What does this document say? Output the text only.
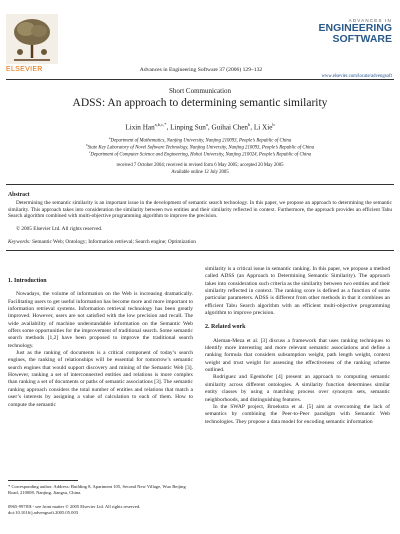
ELSEVIER	Advances in Engineering Software 37 (2006) 129–132
ADVANCES IN
ENGINEERING
SOFTWARE
www.elsevier.com/locate/advengsoft
Short Communication
ADSS: An approach to determining semantic similarity
Lixin Han$^{a,b,c,*}$, Linping Sun$^a$, Guihai Chen$^b$, Li Xie$^b$
$^a$Department of Mathematics, Nanjing University, Nanjing 210093, People’s Republic of China
$^b$State Key Laboratory of Novel Software Technology, Nanjing University, Nanjing 210093, People’s Republic of China
$^c$Department of Computer Science and Engineering, Hohai University, Nanjing 210024, People’s Republic of China
received 7 October 2004; received in revised form 6 May 2005; accepted 20 May 2005
Available online 12 July 2005
Abstract
Determining the semantic similarity is an important issue in the development of semantic search technology. In this paper, we propose an approach to determining the semantic similarity. This approach takes into consideration the similarity between two entities and their similarity reflected in context. Furthermore, the approach provides an efficient Tabu Search algorithm combined with multi-objective programming algorithm to improve the precision.
© 2005 Elsevier Ltd. All rights reserved.
Keywords: Semantic Web; Ontology; Information retrieval; Search engine; Optimization
1. Introduction

Nowadays, the volume of information on the Web is increasing dramatically. Facilitating users to get useful information has become more and more important to information retrieval systems. Information retrieval technology has been greatly improved. However, users are not satisfied with the low precision and recall. The wide availability of machine understandable information on the Semantic Web offers some opportunities for the improvement of traditional search. Some semantic search methods [1,2] have been proposed to improve the traditional search technology.

Just as the ranking of documents is a critical component of today’s search engines, the ranking of relationships will be essential for tomorrow’s semantic search engines that would support discovery and mining of the Semantic Web [3]. However, ranking a set of interconnected entities and relations is more complex than ranking a set of documents or paths of semantic associations [3]. The semantic ranking approach considers the total number of entities and relations that match a user’s interests by assigning a value of calculation to each of them. How to compute the semantic

similarity is a critical issue in semantic ranking. In this paper, we propose a method called ADSS (an Approach to Determining Semantic Similarity). The approach takes into consideration such criteria as the similarity between two entities and their similarity reflected in context. The ranking score is defined as a function of some particular parameters. ADSS is different from other methods in that it combines an efficient Tabu Search algorithm with an efficient multi-objective programming algorithm to improve precision.

2. Related work

Aleman-Meza et al. [3] discuss a framework that uses ranking techniques to identify more interesting and more relevant semantic associations and define a ranking formula that considers subsumption weight, path length weight, context weight and trust weight for assessing the effectiveness of the ranking scheme outlined.

Rodriguez and Egenhofer [4] present an approach to computing semantic similarity across different ontologies. A similarity function determines similar entity classes by using a matching process over synonym sets, semantic neighborhoods, and distinguishing features.

In the SWAP project, Broekstra et al. [5] aim at overcoming the lack of semantics by combining the Peer-to-Peer paradigm with Semantic Web technologies. They propose a data model for encoding semantic information

* Corresponding author. Address: Building 8, Apartment 105, Second New Village, Wuo Beijing Road, 210008, Nanjing, Jiangsu, China.
0965-9978/$ - see front matter © 2005 Elsevier Ltd. All rights reserved.
doi:10.1016/j.advengsoft.2005.05.003
